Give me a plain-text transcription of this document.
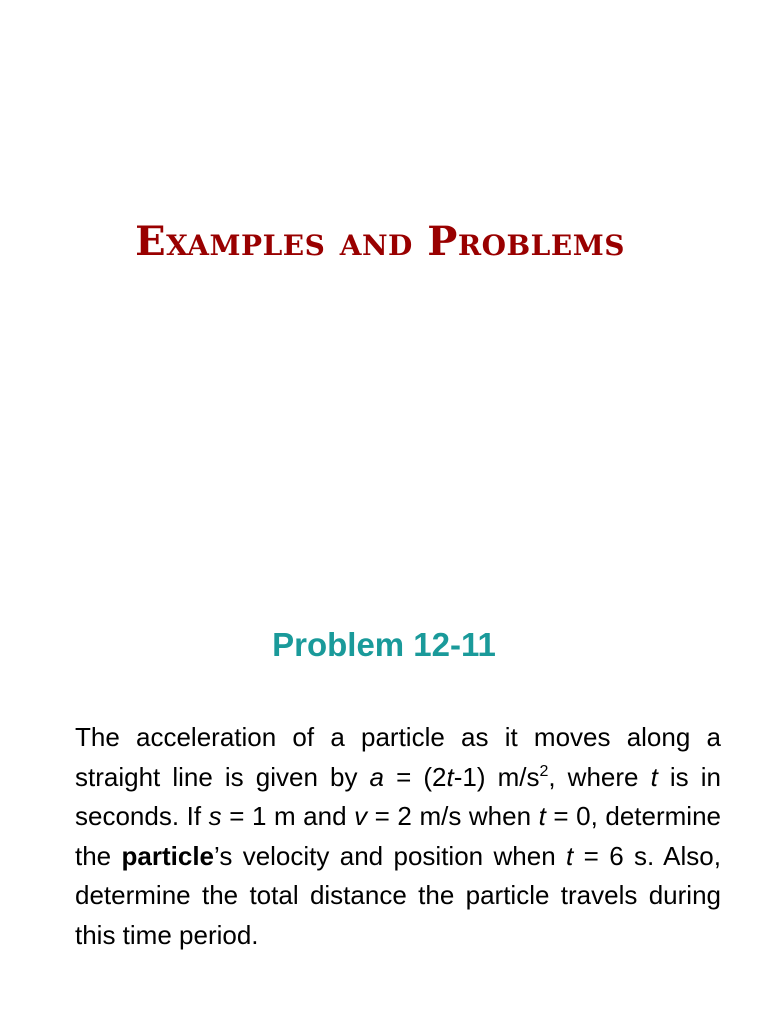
Examples and Problems
Problem 12-11

The acceleration of a particle as it moves along a straight line is given by a = (2t-1) $m/s^2$, where t is in seconds. If s = 1 m and v = 2 m/s when t = 0, determine the particle’s velocity and position when t = 6 s. Also, determine the total distance the particle travels during this time period.
